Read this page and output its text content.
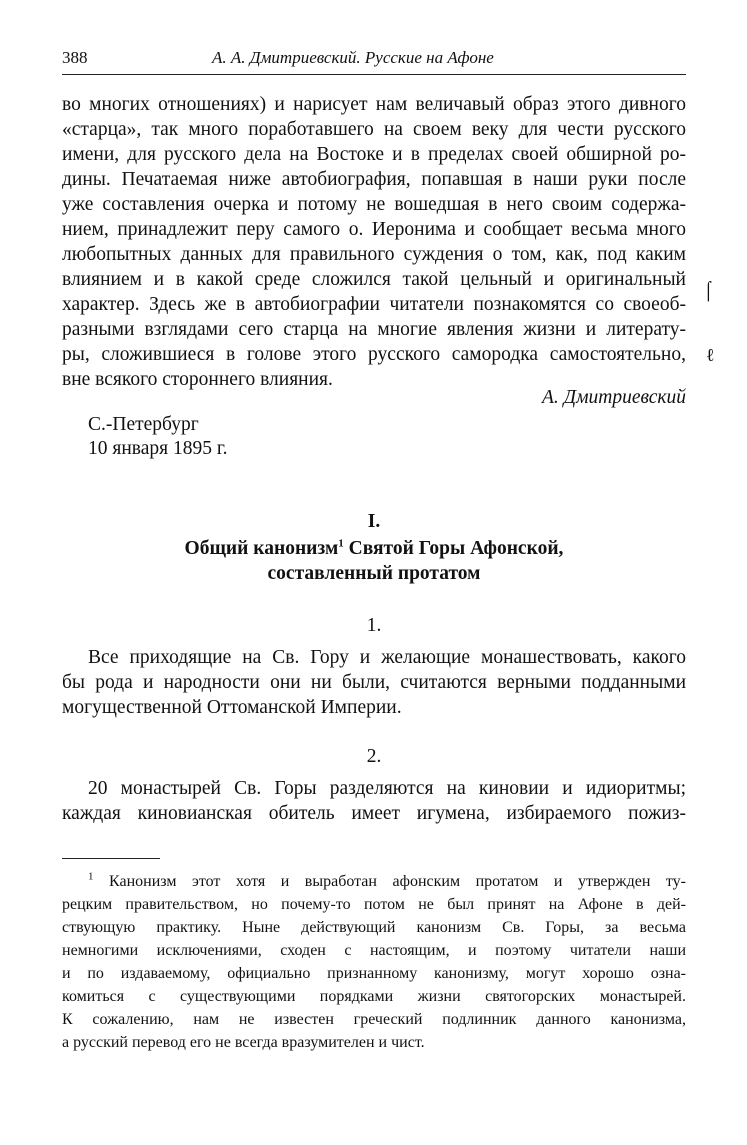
388	А. А. Дмитриевский. Русские на Афоне
во многих отношениях) и нарисует нам величавый образ этого дивного
«старца», так много поработавшего на своем веку для чести русского
имени, для русского дела на Востоке и в пределах своей обширной ро-
дины. Печатаемая ниже автобиография, попавшая в наши руки после
уже составления очерка и потому не вошедшая в него своим содержа-
нием, принадлежит перу самого о. Иеронима и сообщает весьма много
любопытных данных для правильного суждения о том, как, под каким
влиянием и в какой среде сложился такой цельный и оригинальный
характер. Здесь же в автобиографии читатели познакомятся со своеоб-
разными взглядами сего старца на многие явления жизни и литерату-
ры, сложившиеся в голове этого русского самородка самостоятельно,
вне всякого стороннего влияния.
А. Дмитриевский
С.-Петербург
10 января 1895 г.
I.
Общий канонизм$^1$ Святой Горы Афонской,
составленный протатом
1.
Все приходящие на Св. Гору и желающие монашествовать, какого
бы рода и народности они ни были, считаются верными подданными
могущественной Оттоманской Империи.
2.
20 монастырей Св. Горы разделяются на киновии и идиоритмы;
каждая киновианская обитель имеет игумена, избираемого пожиз-
$^1$ Канонизм этот хотя и выработан афонским протатом и утвержден ту-
рецким правительством, но почему-то потом не был принят на Афоне в дей-
ствующую практику. Ныне действующий канонизм Св. Горы, за весьма
немногими исключениями, сходен с настоящим, и поэтому читатели наши
и по издаваемому, официально признанному канонизму, могут хорошо озна-
комиться с существующими порядками жизни святогорских монастырей.
К сожалению, нам не известен греческий подлинник данного канонизма,
а русский перевод его не всегда вразумителен и чист.
⌠
ℓ
